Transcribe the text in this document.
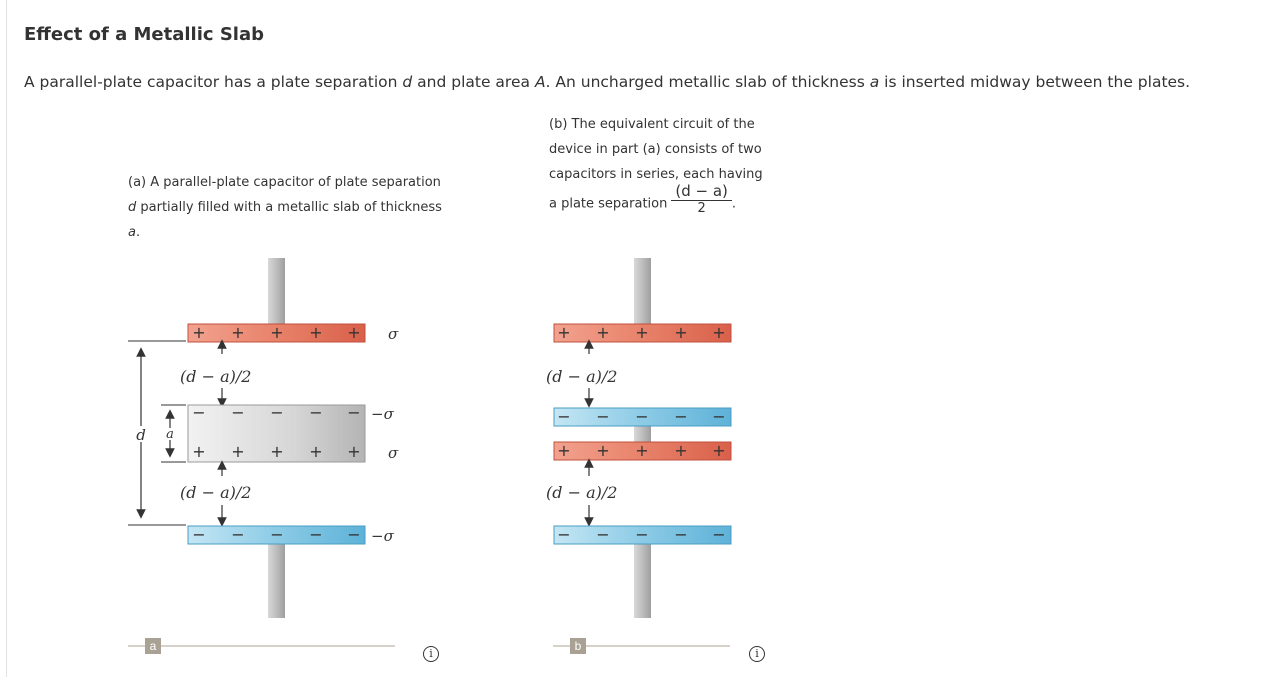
Effect of a Metallic Slab
A parallel-plate capacitor has a plate separation d and plate area A. An uncharged metallic slab of thickness a is inserted midway between the plates.
(a) A parallel-plate capacitor of plate separation d partially filled with a metallic slab of thickness a.
(b) The equivalent circuit of the device in part (a) consists of two capacitors in series, each having a plate separation $\frac{(d - a)}{2}$ .
+ + + + + σ
(d − a)/2
− − − − −
+ + + + +
−σ
σ
(d − a)/2
− − − − − −σ
d a
+ + + + +
(d − a)/2
− − − − −
+ + + + +
(d − a)/2
− − − − −
a	b
i	i
